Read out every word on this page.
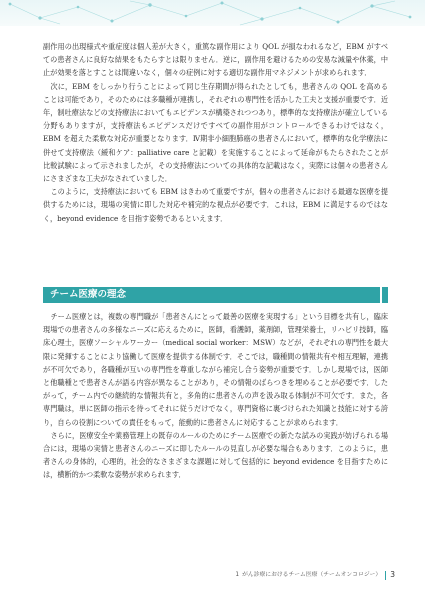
副作用の出現様式や重症度は個人差が大きく，重篤な副作用により QOL が損なわれるなど，EBM がすべての患者さんに良好な結果をもたらすとは限りません．逆に，副作用を避けるための安易な減量や休薬，中止が効果を落とすことは間違いなく，個々の症例に対する適切な副作用マネジメントが求められます．

次に，EBM をしっかり行うことによって同じ生存期間が得られたとしても，患者さんの QOL を高めることは可能であり，そのためには多職種が連携し，それぞれの専門性を活かした工夫と支援が重要です．近年，制吐療法などの支持療法においてもエビデンスが構築されつつあり，標準的な支持療法が確立している分野もありますが，支持療法もエビデンスだけですべての副作用がコントロールできるわけではなく，EBM を超えた柔軟な対応が重要となります．Ⅳ期非小細胞肺癌の患者さんにおいて，標準的な化学療法に併せて支持療法（緩和ケア：palliative care と記載）を実施することによって延命がもたらされたことが比較試験によって示されましたが，その支持療法についての具体的な記載はなく，実際には個々の患者さんにさまざまな工夫がなされていました．

このように，支持療法においても EBM はきわめて重要ですが，個々の患者さんにおける最適な医療を提供するためには，現場の実情に即した対応や補完的な視点が必要です．これは，EBM に満足するのではなく，beyond evidence を目指す姿勢であるといえます．

チーム医療の理念

チーム医療とは，複数の専門職が「患者さんにとって最善の医療を実現する」という目標を共有し，臨床現場での患者さんの多様なニーズに応えるために，医師，看護師，薬剤師，管理栄養士，リハビリ技師，臨床心理士，医療ソーシャルワーカー（medical social worker：MSW）などが，それぞれの専門性を最大限に発揮することにより協働して医療を提供する体制です．そこでは，職種間の情報共有や相互理解，連携が不可欠であり，各職種が互いの専門性を尊重しながら補完し合う姿勢が重要です．しかし現場では，医師と他職種とで患者さんが語る内容が異なることがあり，その情報のばらつきを埋めることが必要です．したがって，チーム内での継続的な情報共有と，多角的に患者さんの声を汲み取る体制が不可欠です．また，各専門職は，単に医師の指示を待ってそれに従うだけでなく，専門資格に裏づけられた知識と技能に対する誇り，自らの役割についての責任をもって，能動的に患者さんに対応することが求められます．

さらに，医療安全や業務管理上の既存のルールのためにチーム医療での新たな試みの実践が妨げられる場合には，現場の実情と患者さんのニーズに即したルールの見直しが必要な場合もあります．このように，患者さんの身体的，心理的，社会的なさまざまな課題に対して包括的に beyond evidence を目指すためには，横断的かつ柔軟な姿勢が求められます．

1 がん診療におけるチーム医療（チームオンコロジー） 3
